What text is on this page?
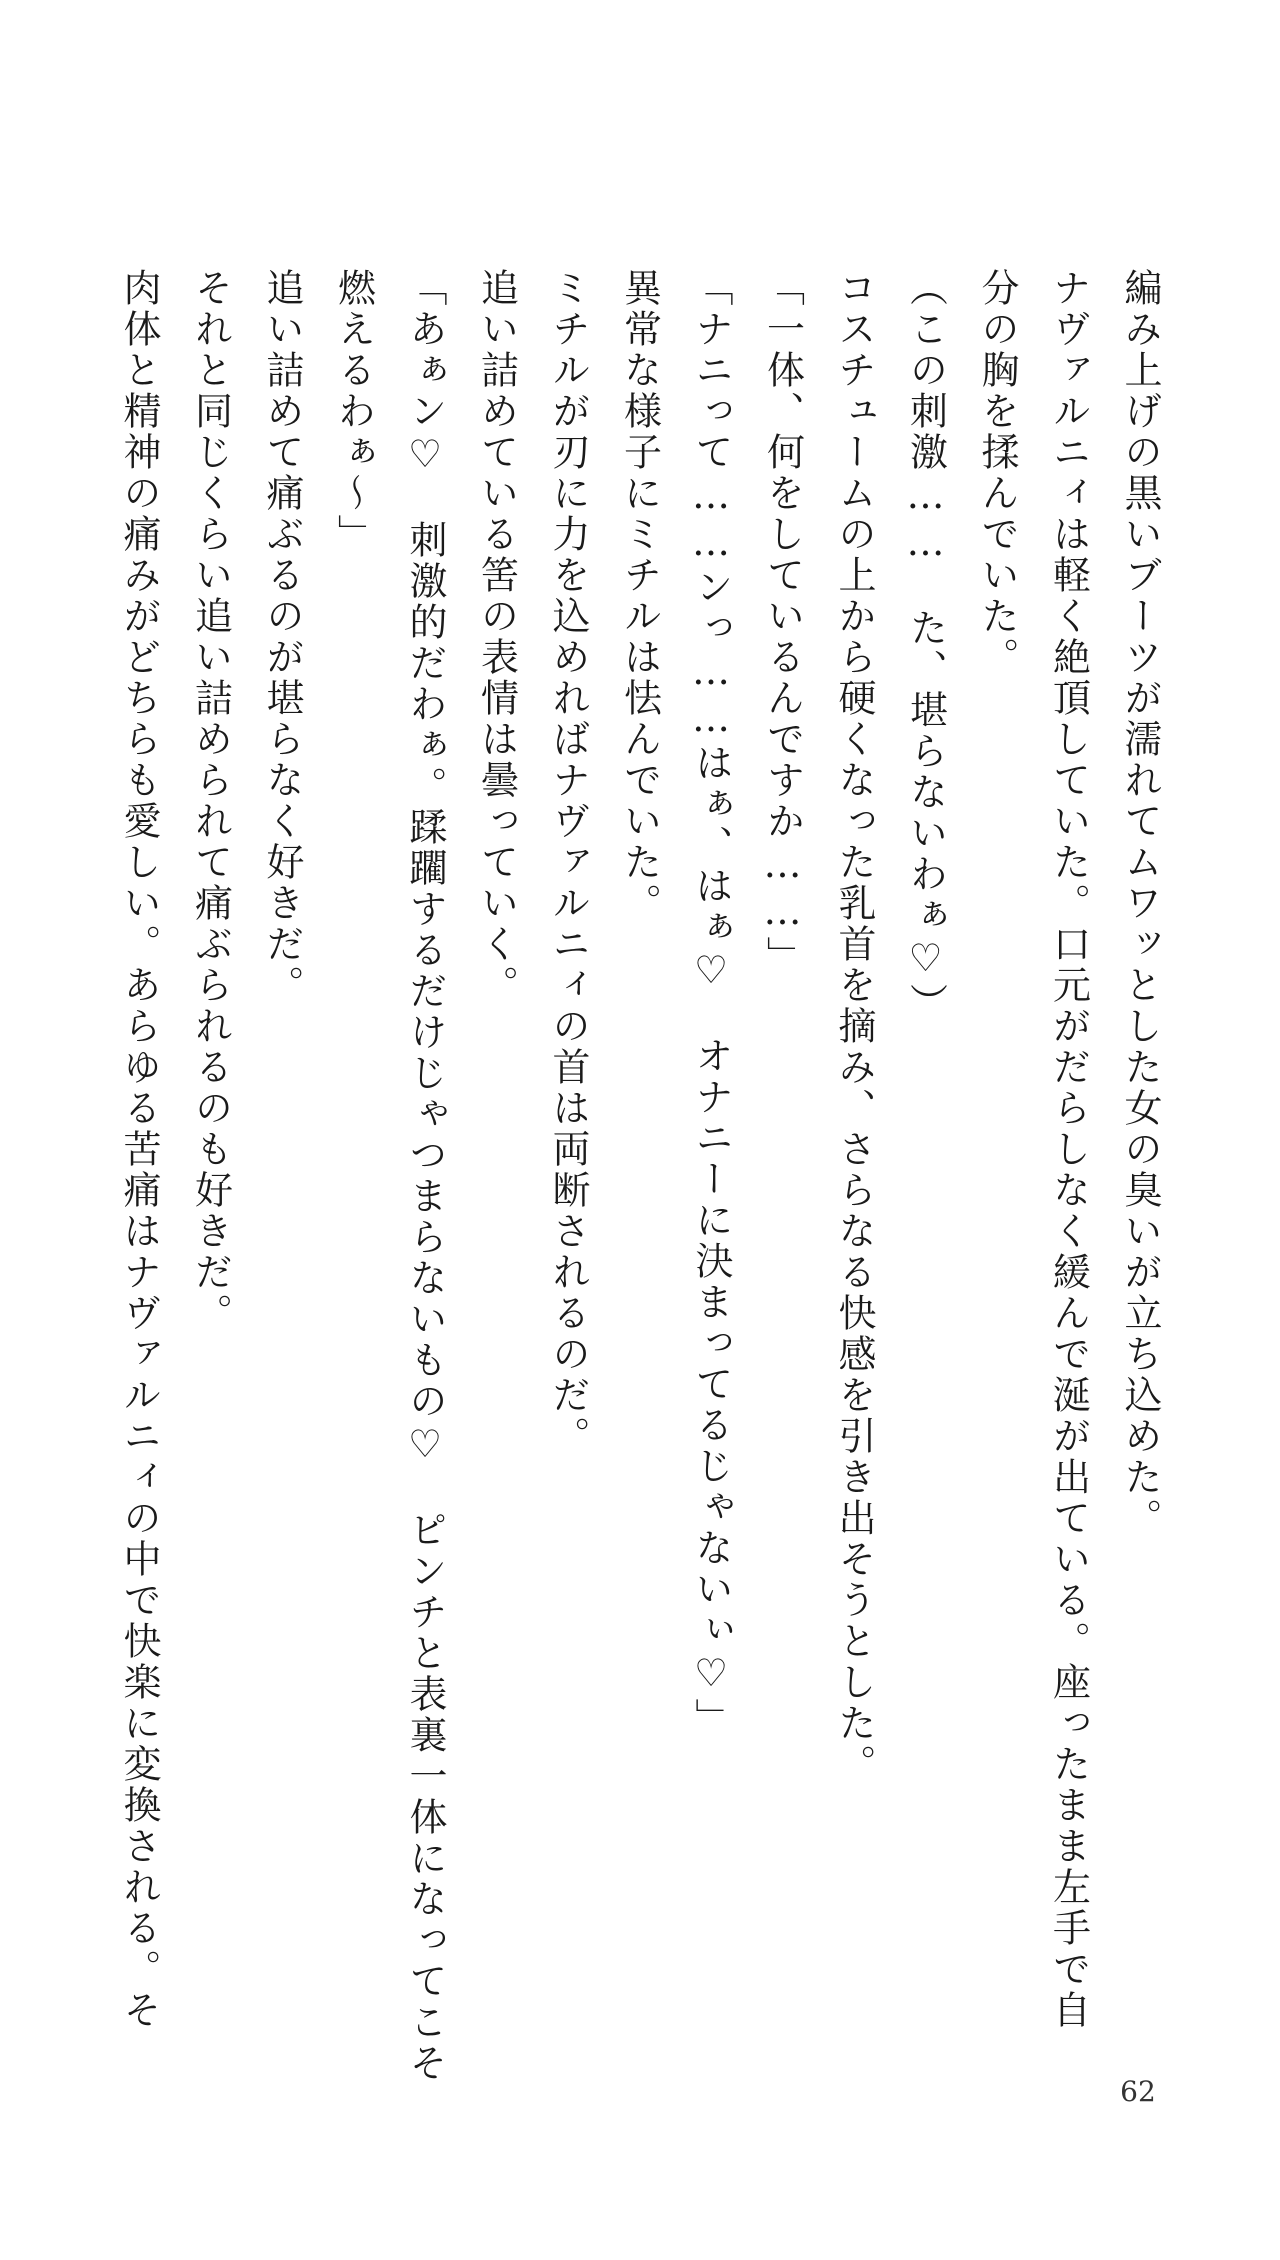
編み上げの黒いブーツが濡れてムワッとした女の臭いが立ち込めた。

ナヴァルニィは軽く絶頂していた。口元がだらしなく緩んで涎が出ている。座ったまま左手で自

分の胸を揉んでいた。

（この刺激……　た、堪らないわぁ♡）

コスチュームの上から硬くなった乳首を摘み、さらなる快感を引き出そうとした。

「一体、何をしているんですか……」

「ナニって……ンっ……はぁ、はぁ♡　オナニーに決まってるじゃないぃ♡」

異常な様子にミチルは怯んでいた。

ミチルが刃に力を込めればナヴァルニィの首は両断されるのだ。

追い詰めている筈の表情は曇っていく。

「あぁン♡　刺激的だわぁ。蹂躙するだけじゃつまらないもの♡　ピンチと表裏一体になってこそ

燃えるわぁ〜」

追い詰めて痛ぶるのが堪らなく好きだ。

それと同じくらい追い詰められて痛ぶられるのも好きだ。

肉体と精神の痛みがどちらも愛しい。あらゆる苦痛はナヴァルニィの中で快楽に変換される。そ

62
